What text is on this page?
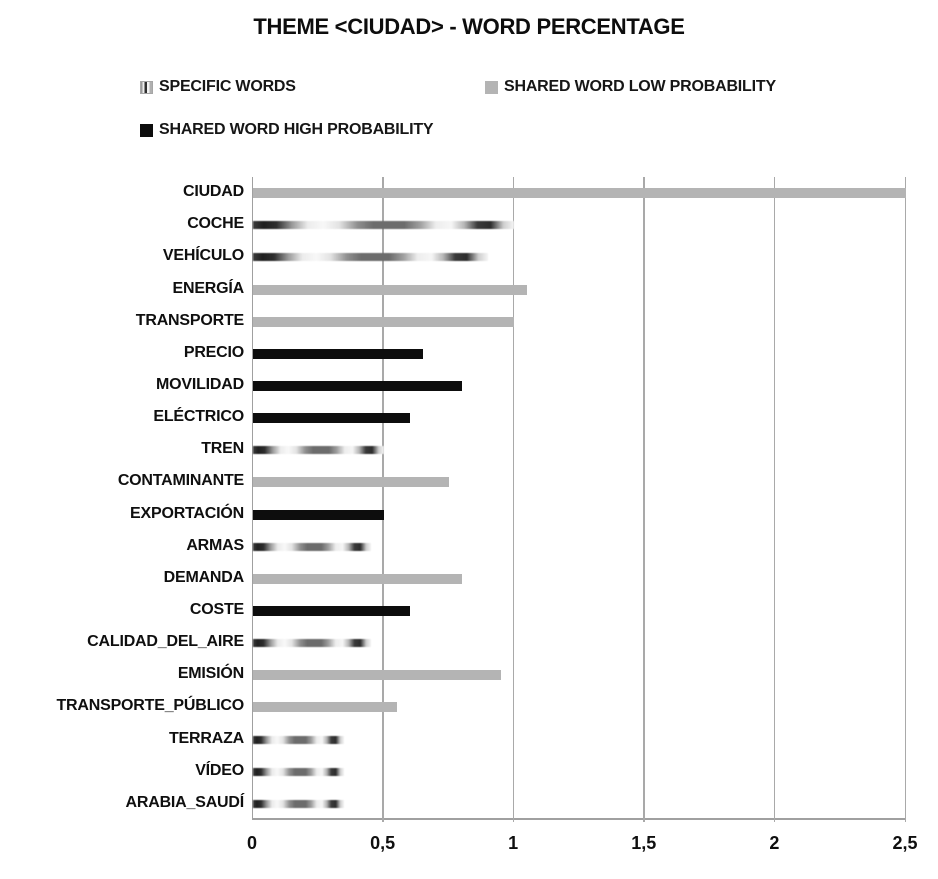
THEME <CIUDAD> - WORD PERCENTAGE
SPECIFIC WORDS	SHARED WORD LOW PROBABILITY
SHARED WORD HIGH PROBABILITY
CIUDAD
COCHE
VEHÍCULO
ENERGÍA
TRANSPORTE
PRECIO
MOVILIDAD
ELÉCTRICO
TREN
CONTAMINANTE
EXPORTACIÓN
ARMAS
DEMANDA
COSTE
CALIDAD_DEL_AIRE
EMISIÓN
TRANSPORTE_PÚBLICO
TERRAZA
VÍDEO
ARABIA_SAUDÍ
0	0,5	1	1,5	2	2,5
